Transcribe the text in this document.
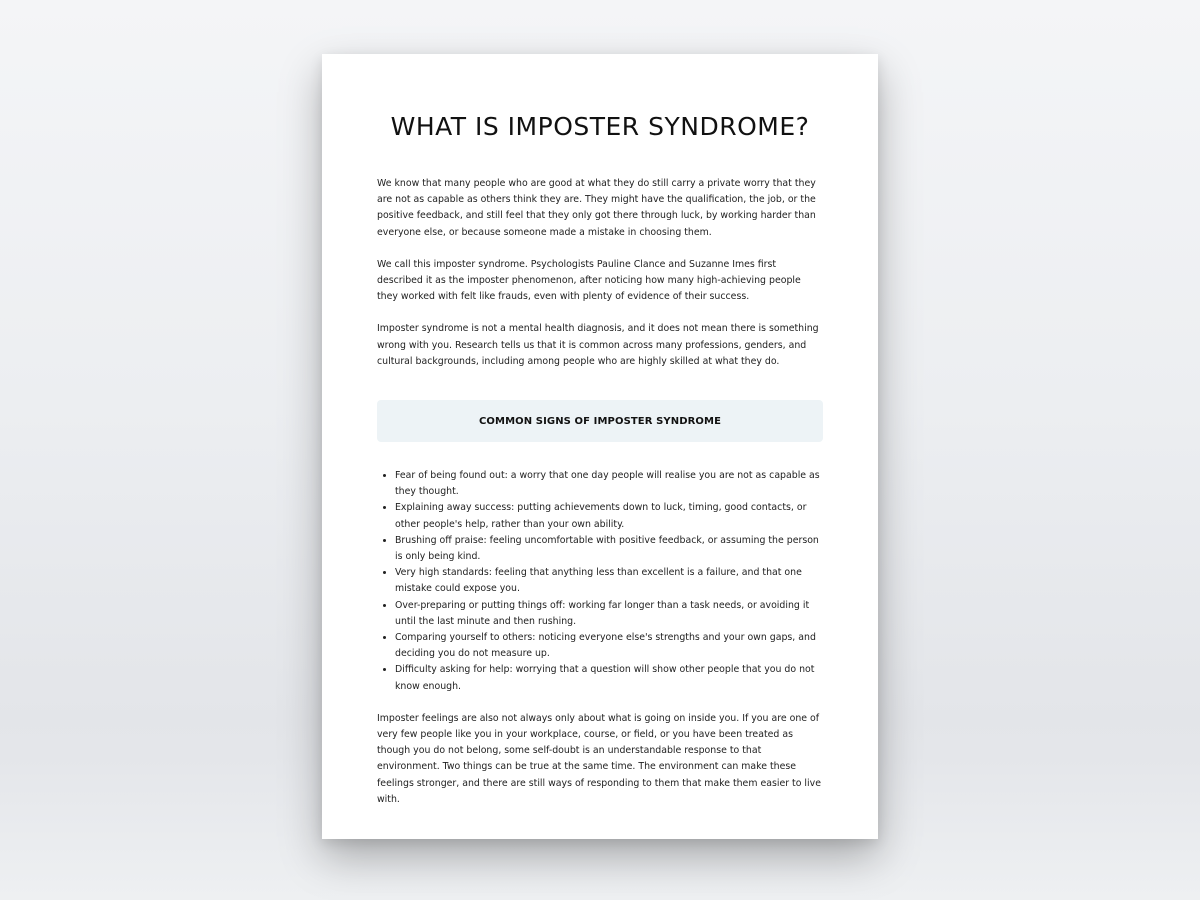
WHAT IS IMPOSTER SYNDROME?

We know that many people who are good at what they do still carry a private worry that they are not as capable as others think they are. They might have the qualification, the job, or the positive feedback, and still feel that they only got there through luck, by working harder than everyone else, or because someone made a mistake in choosing them.

We call this imposter syndrome. Psychologists Pauline Clance and Suzanne Imes first described it as the imposter phenomenon, after noticing how many high-achieving people they worked with felt like frauds, even with plenty of evidence of their success.

Imposter syndrome is not a mental health diagnosis, and it does not mean there is something wrong with you. Research tells us that it is common across many professions, genders, and cultural backgrounds, including among people who are highly skilled at what they do.

COMMON SIGNS OF IMPOSTER SYNDROME
• Fear of being found out: a worry that one day people will realise you are not as capable as they thought.
• Explaining away success: putting achievements down to luck, timing, good contacts, or other people's help, rather than your own ability.
• Brushing off praise: feeling uncomfortable with positive feedback, or assuming the person is only being kind.
• Very high standards: feeling that anything less than excellent is a failure, and that one mistake could expose you.
• Over-preparing or putting things off: working far longer than a task needs, or avoiding it until the last minute and then rushing.
• Comparing yourself to others: noticing everyone else's strengths and your own gaps, and deciding you do not measure up.
• Difficulty asking for help: worrying that a question will show other people that you do not know enough.

Imposter feelings are also not always only about what is going on inside you. If you are one of very few people like you in your workplace, course, or field, or you have been treated as though you do not belong, some self-doubt is an understandable response to that environment. Two things can be true at the same time. The environment can make these feelings stronger, and there are still ways of responding to them that make them easier to live with.
